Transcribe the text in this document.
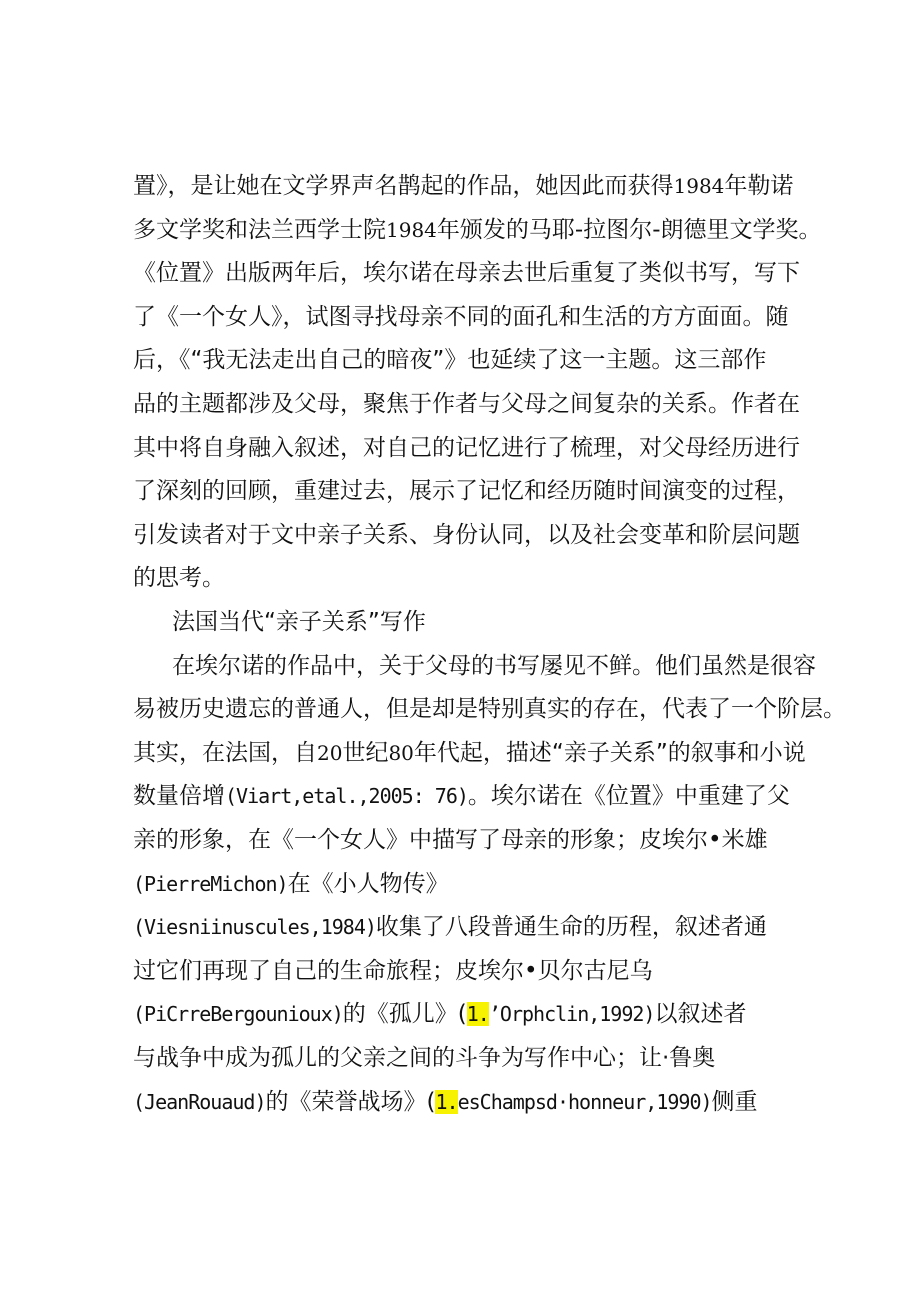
置》，是让她在文学界声名鹊起的作品，她因此而获得1984年勒诺
多文学奖和法兰西学士院1984年颁发的马耶-拉图尔-朗德里文学奖。
《位置》出版两年后，埃尔诺在母亲去世后重复了类似书写，写下
了《一个女人》，试图寻找母亲不同的面孔和生活的方方面面。随
后，《“我无法走出自己的暗夜”》也延续了这一主题。这三部作
品的主题都涉及父母，聚焦于作者与父母之间复杂的关系。作者在
其中将自身融入叙述，对自己的记忆进行了梳理，对父母经历进行
了深刻的回顾，重建过去，展示了记忆和经历随时间演变的过程，
引发读者对于文中亲子关系、身份认同，以及社会变革和阶层问题
的思考。
法国当代“亲子关系”写作
在埃尔诺的作品中，关于父母的书写屡见不鲜。他们虽然是很容
易被历史遗忘的普通人，但是却是特别真实的存在，代表了一个阶层。
其实，在法国，自20世纪80年代起，描述“亲子关系”的叙事和小说
数量倍增(Viart,etal.,2005: 76)。埃尔诺在《位置》中重建了父
亲的形象，在《一个女人》中描写了母亲的形象；皮埃尔•米雄
(PierreMichon)在《小人物传》
(Viesniinuscules,1984)收集了八段普通生命的历程，叙述者通
过它们再现了自己的生命旅程；皮埃尔•贝尔古尼乌
(PiCrreBergounioux)的《孤儿》(1.’Orphclin,1992)以叙述者
与战争中成为孤儿的父亲之间的斗争为写作中心；让·鲁奥
(JeanRouaud)的《荣誉战场》(1.esChampsd·honneur,1990)侧重
